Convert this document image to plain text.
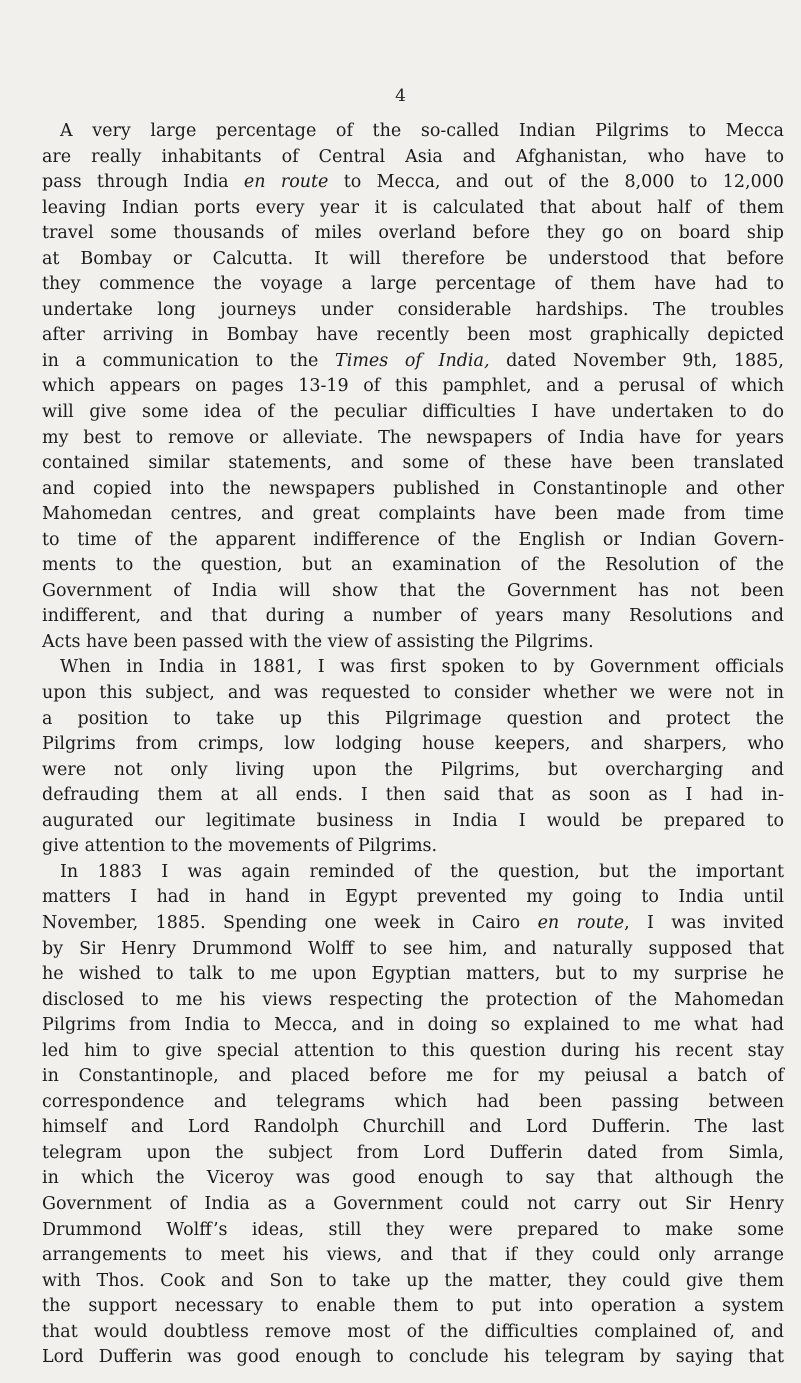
4
A very large percentage of the so-called Indian Pilgrims to Mecca
are really inhabitants of Central Asia and Afghanistan, who have to
pass through India en route to Mecca, and out of the 8,000 to 12,000
leaving Indian ports every year it is calculated that about half of them
travel some thousands of miles overland before they go on board ship
at Bombay or Calcutta. It will therefore be understood that before
they commence the voyage a large percentage of them have had to
undertake long journeys under considerable hardships. The troubles
after arriving in Bombay have recently been most graphically depicted
in a communication to the Times of India, dated November 9th, 1885,
which appears on pages 13-19 of this pamphlet, and a perusal of which
will give some idea of the peculiar difficulties I have undertaken to do
my best to remove or alleviate. The newspapers of India have for years
contained similar statements, and some of these have been translated
and copied into the newspapers published in Constantinople and other
Mahomedan centres, and great complaints have been made from time
to time of the apparent indifference of the English or Indian Govern-
ments to the question, but an examination of the Resolution of the
Government of India will show that the Government has not been
indifferent, and that during a number of years many Resolutions and
Acts have been passed with the view of assisting the Pilgrims.
When in India in 1881, I was first spoken to by Government officials
upon this subject, and was requested to consider whether we were not in
a position to take up this Pilgrimage question and protect the
Pilgrims from crimps, low lodging house keepers, and sharpers, who
were not only living upon the Pilgrims, but overcharging and
defrauding them at all ends. I then said that as soon as I had in-
augurated our legitimate business in India I would be prepared to
give attention to the movements of Pilgrims.
In 1883 I was again reminded of the question, but the important
matters I had in hand in Egypt prevented my going to India until
November, 1885. Spending one week in Cairo en route, I was invited
by Sir Henry Drummond Wolff to see him, and naturally supposed that
he wished to talk to me upon Egyptian matters, but to my surprise he
disclosed to me his views respecting the protection of the Mahomedan
Pilgrims from India to Mecca, and in doing so explained to me what had
led him to give special attention to this question during his recent stay
in Constantinople, and placed before me for my peiusal a batch of
correspondence and telegrams which had been passing between
himself and Lord Randolph Churchill and Lord Dufferin. The last
telegram upon the subject from Lord Dufferin dated from Simla,
in which the Viceroy was good enough to say that although the
Government of India as a Government could not carry out Sir Henry
Drummond Wolff’s ideas, still they were prepared to make some
arrangements to meet his views, and that if they could only arrange
with Thos. Cook and Son to take up the matter, they could give them
the support necessary to enable them to put into operation a system
that would doubtless remove most of the difficulties complained of, and
Lord Dufferin was good enough to conclude his telegram by saying that
